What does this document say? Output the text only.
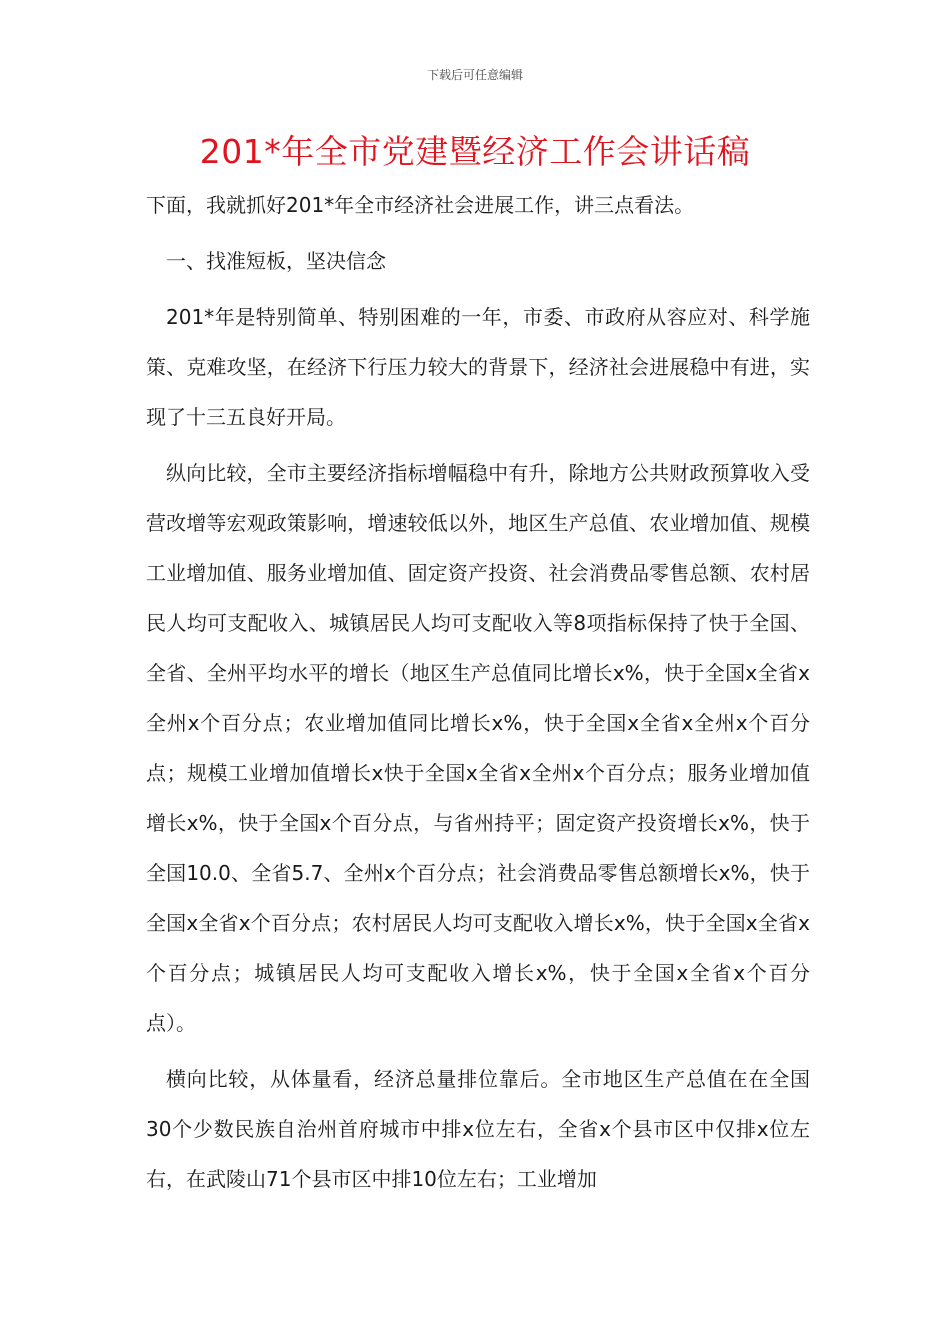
下载后可任意编辑
201*年全市党建暨经济工作会讲话稿

下面，我就抓好201*年全市经济社会进展工作，讲三点看法。

一、找准短板，坚决信念

201*年是特别简单、特别困难的一年，市委、市政府从容应对、科学施策、克难攻坚，在经济下行压力较大的背景下，经济社会进展稳中有进，实现了十三五良好开局。

纵向比较，全市主要经济指标增幅稳中有升，除地方公共财政预算收入受营改增等宏观政策影响，增速较低以外，地区生产总值、农业增加值、规模工业增加值、服务业增加值、固定资产投资、社会消费品零售总额、农村居民人均可支配收入、城镇居民人均可支配收入等8项指标保持了快于全国、全省、全州平均水平的增长（地区生产总值同比增长x%，快于全国x全省x全州x个百分点；农业增加值同比增长x%，快于全国x全省x全州x个百分点；规模工业增加值增长x快于全国x全省x全州x个百分点；服务业增加值增长x%，快于全国x个百分点，与省州持平；固定资产投资增长x%，快于全国10.0、全省5.7、全州x个百分点；社会消费品零售总额增长x%，快于全国x全省x个百分点；农村居民人均可支配收入增长x%，快于全国x全省x个百分点；城镇居民人均可支配收入增长x%，快于全国x全省x个百分点）。

横向比较，从体量看，经济总量排位靠后。全市地区生产总值在在全国30个少数民族自治州首府城市中排x位左右，全省x个县市区中仅排x位左右，在武陵山71个县市区中排10位左右；工业增加
